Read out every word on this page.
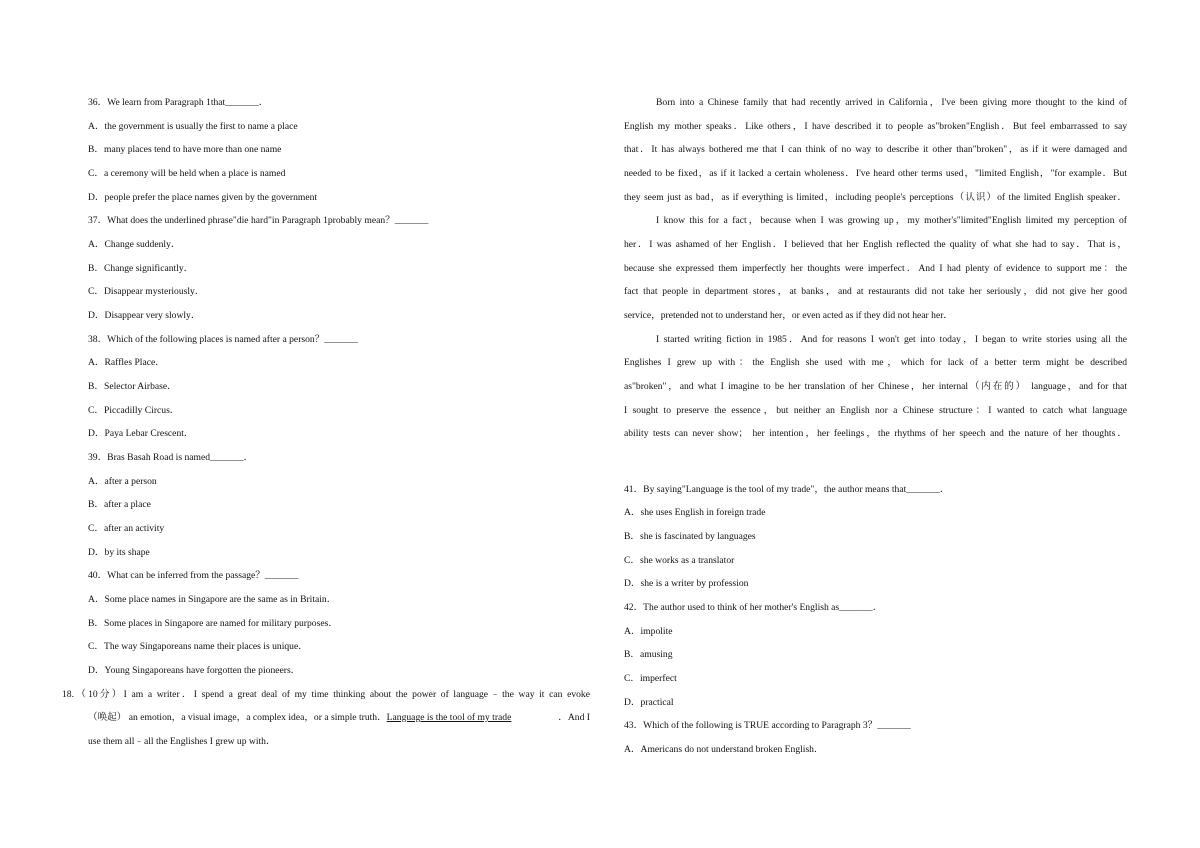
36．We learn from Paragraph 1that_______．
A．the government is usually the first to name a place
B．many places tend to have more than one name
C．a ceremony will be held when a place is named
D．people prefer the place names given by the government
37．What does the underlined phrase"die hard"in Paragraph 1probably mean？_______
A．Change suddenly．
B．Change significantly．
C．Disappear mysteriously．
D．Disappear very slowly．
38．Which of the following places is named after a person？_______
A．Raffles Place．
B．Selector Airbase．
C．Piccadilly Circus．
D．Paya Lebar Crescent．
39．Bras Basah Road is named_______．
A．after a person
B．after a place
C．after an activity
D．by its shape
40．What can be inferred from the passage？_______
A．Some place names in Singapore are the same as in Britain．
B．Some places in Singapore are named for military purposes．
C．The way Singaporeans name their places is unique．
D．Young Singaporeans have forgotten the pioneers．
18.（10分）I am a writer．I spend a great deal of my time thinking about the power of language﹣the way it can evoke
（唤起） an emotion，a visual image，a complex idea，or a simple truth． Language is the tool of my trade	．And I
use them all﹣all the Englishes I grew up with．
Born into a Chinese family that had recently arrived in California，I've been giving more thought to the kind of
English my mother speaks．Like others，I have described it to people as"broken"English．But feel embarrassed to say
that．It has always bothered me that I can think of no way to describe it other than"broken"，as if it were damaged and
needed to be fixed，as if it lacked a certain wholeness．I've heard other terms used，"limited English，"for example．But
they seem just as bad，as if everything is limited，including people's perceptions（认识）of the limited English speaker．
I know this for a fact，because when I was growing up，my mother's"limited"English limited my perception of
her．I was ashamed of her English．I believed that her English reflected the quality of what she had to say．That is，
because she expressed them imperfectly her thoughts were imperfect．And I had plenty of evidence to support me：the
fact that people in department stores，at banks，and at restaurants did not take her seriously，did not give her good
service，pretended not to understand her，or even acted as if they did not hear her．
I started writing fiction in 1985．And for reasons I won't get into today，I began to write stories using all the
Englishes I grew up with：the English she used with me，which for lack of a better term might be described
as"broken"，and what I imagine to be her translation of her Chinese，her internal（内在的） language，and for that
I sought to preserve the essence，but neither an English nor a Chinese structure：I wanted to catch what language
ability tests can never show； her intention，her feelings，the rhythms of her speech and the nature of her thoughts．
41．By saying"Language is the tool of my trade"，the author means that_______．
A．she uses English in foreign trade
B．she is fascinated by languages
C．she works as a translator
D．she is a writer by profession
42．The author used to think of her mother's English as_______．
A．impolite
B．amusing
C．imperfect
D．practical
43．Which of the following is TRUE according to Paragraph 3？_______
A．Americans do not understand broken English．
